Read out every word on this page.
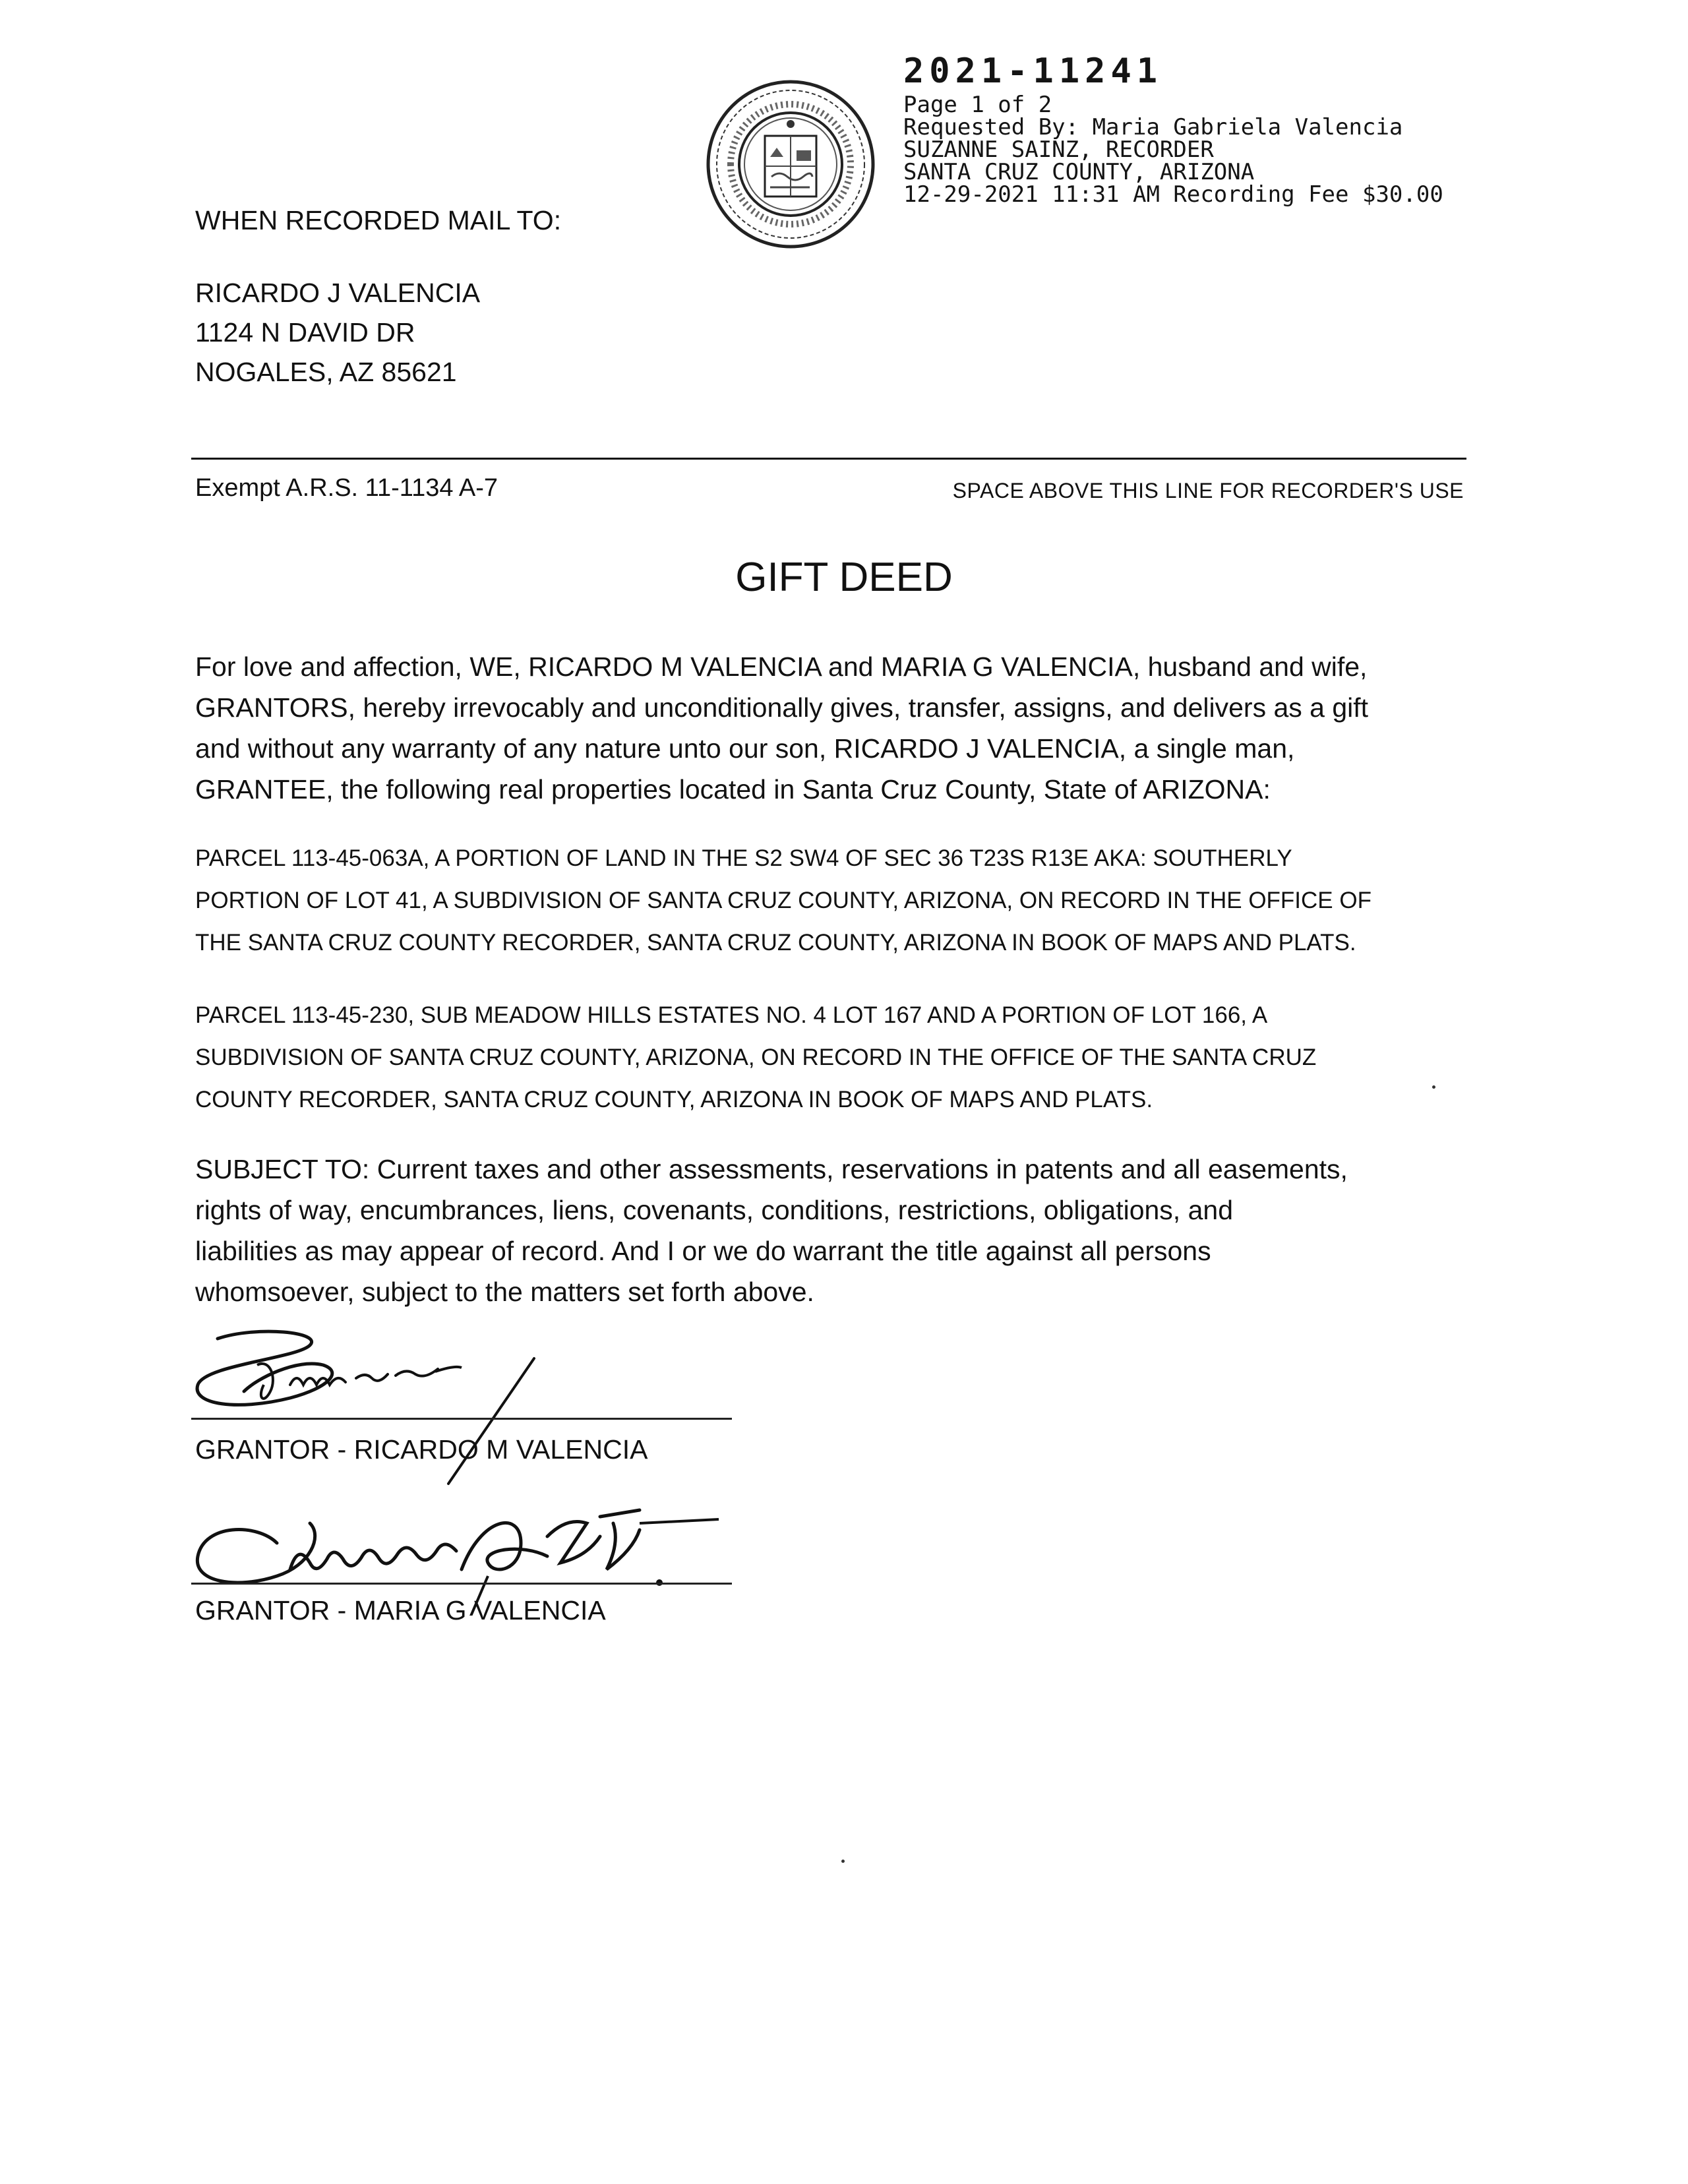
2021-11241
Page 1 of 2
Requested By: Maria Gabriela Valencia
SUZANNE SAINZ, RECORDER
SANTA CRUZ COUNTY, ARIZONA
12-29-2021 11:31 AM Recording Fee $30.00
WHEN RECORDED MAIL TO:
RICARDO J VALENCIA
1124 N DAVID DR
NOGALES, AZ 85621
Exempt A.R.S. 11-1134 A-7	SPACE ABOVE THIS LINE FOR RECORDER'S USE
GIFT DEED
For love and affection, WE, RICARDO M VALENCIA and MARIA G VALENCIA, husband and wife,
GRANTORS, hereby irrevocably and unconditionally gives, transfer, assigns, and delivers as a gift
and without any warranty of any nature unto our son, RICARDO J VALENCIA, a single man,
GRANTEE, the following real properties located in Santa Cruz County, State of ARIZONA:
PARCEL 113-45-063A, A PORTION OF LAND IN THE S2 SW4 OF SEC 36 T23S R13E AKA: SOUTHERLY
PORTION OF LOT 41, A SUBDIVISION OF SANTA CRUZ COUNTY, ARIZONA, ON RECORD IN THE OFFICE OF
THE SANTA CRUZ COUNTY RECORDER, SANTA CRUZ COUNTY, ARIZONA IN BOOK OF MAPS AND PLATS.
PARCEL 113-45-230, SUB MEADOW HILLS ESTATES NO. 4 LOT 167 AND A PORTION OF LOT 166, A
SUBDIVISION OF SANTA CRUZ COUNTY, ARIZONA, ON RECORD IN THE OFFICE OF THE SANTA CRUZ
COUNTY RECORDER, SANTA CRUZ COUNTY, ARIZONA IN BOOK OF MAPS AND PLATS.
SUBJECT TO: Current taxes and other assessments, reservations in patents and all easements,
rights of way, encumbrances, liens, covenants, conditions, restrictions, obligations, and
liabilities as may appear of record. And I or we do warrant the title against all persons
whomsoever, subject to the matters set forth above.
GRANTOR - RICARDO M VALENCIA
GRANTOR - MARIA G VALENCIA
